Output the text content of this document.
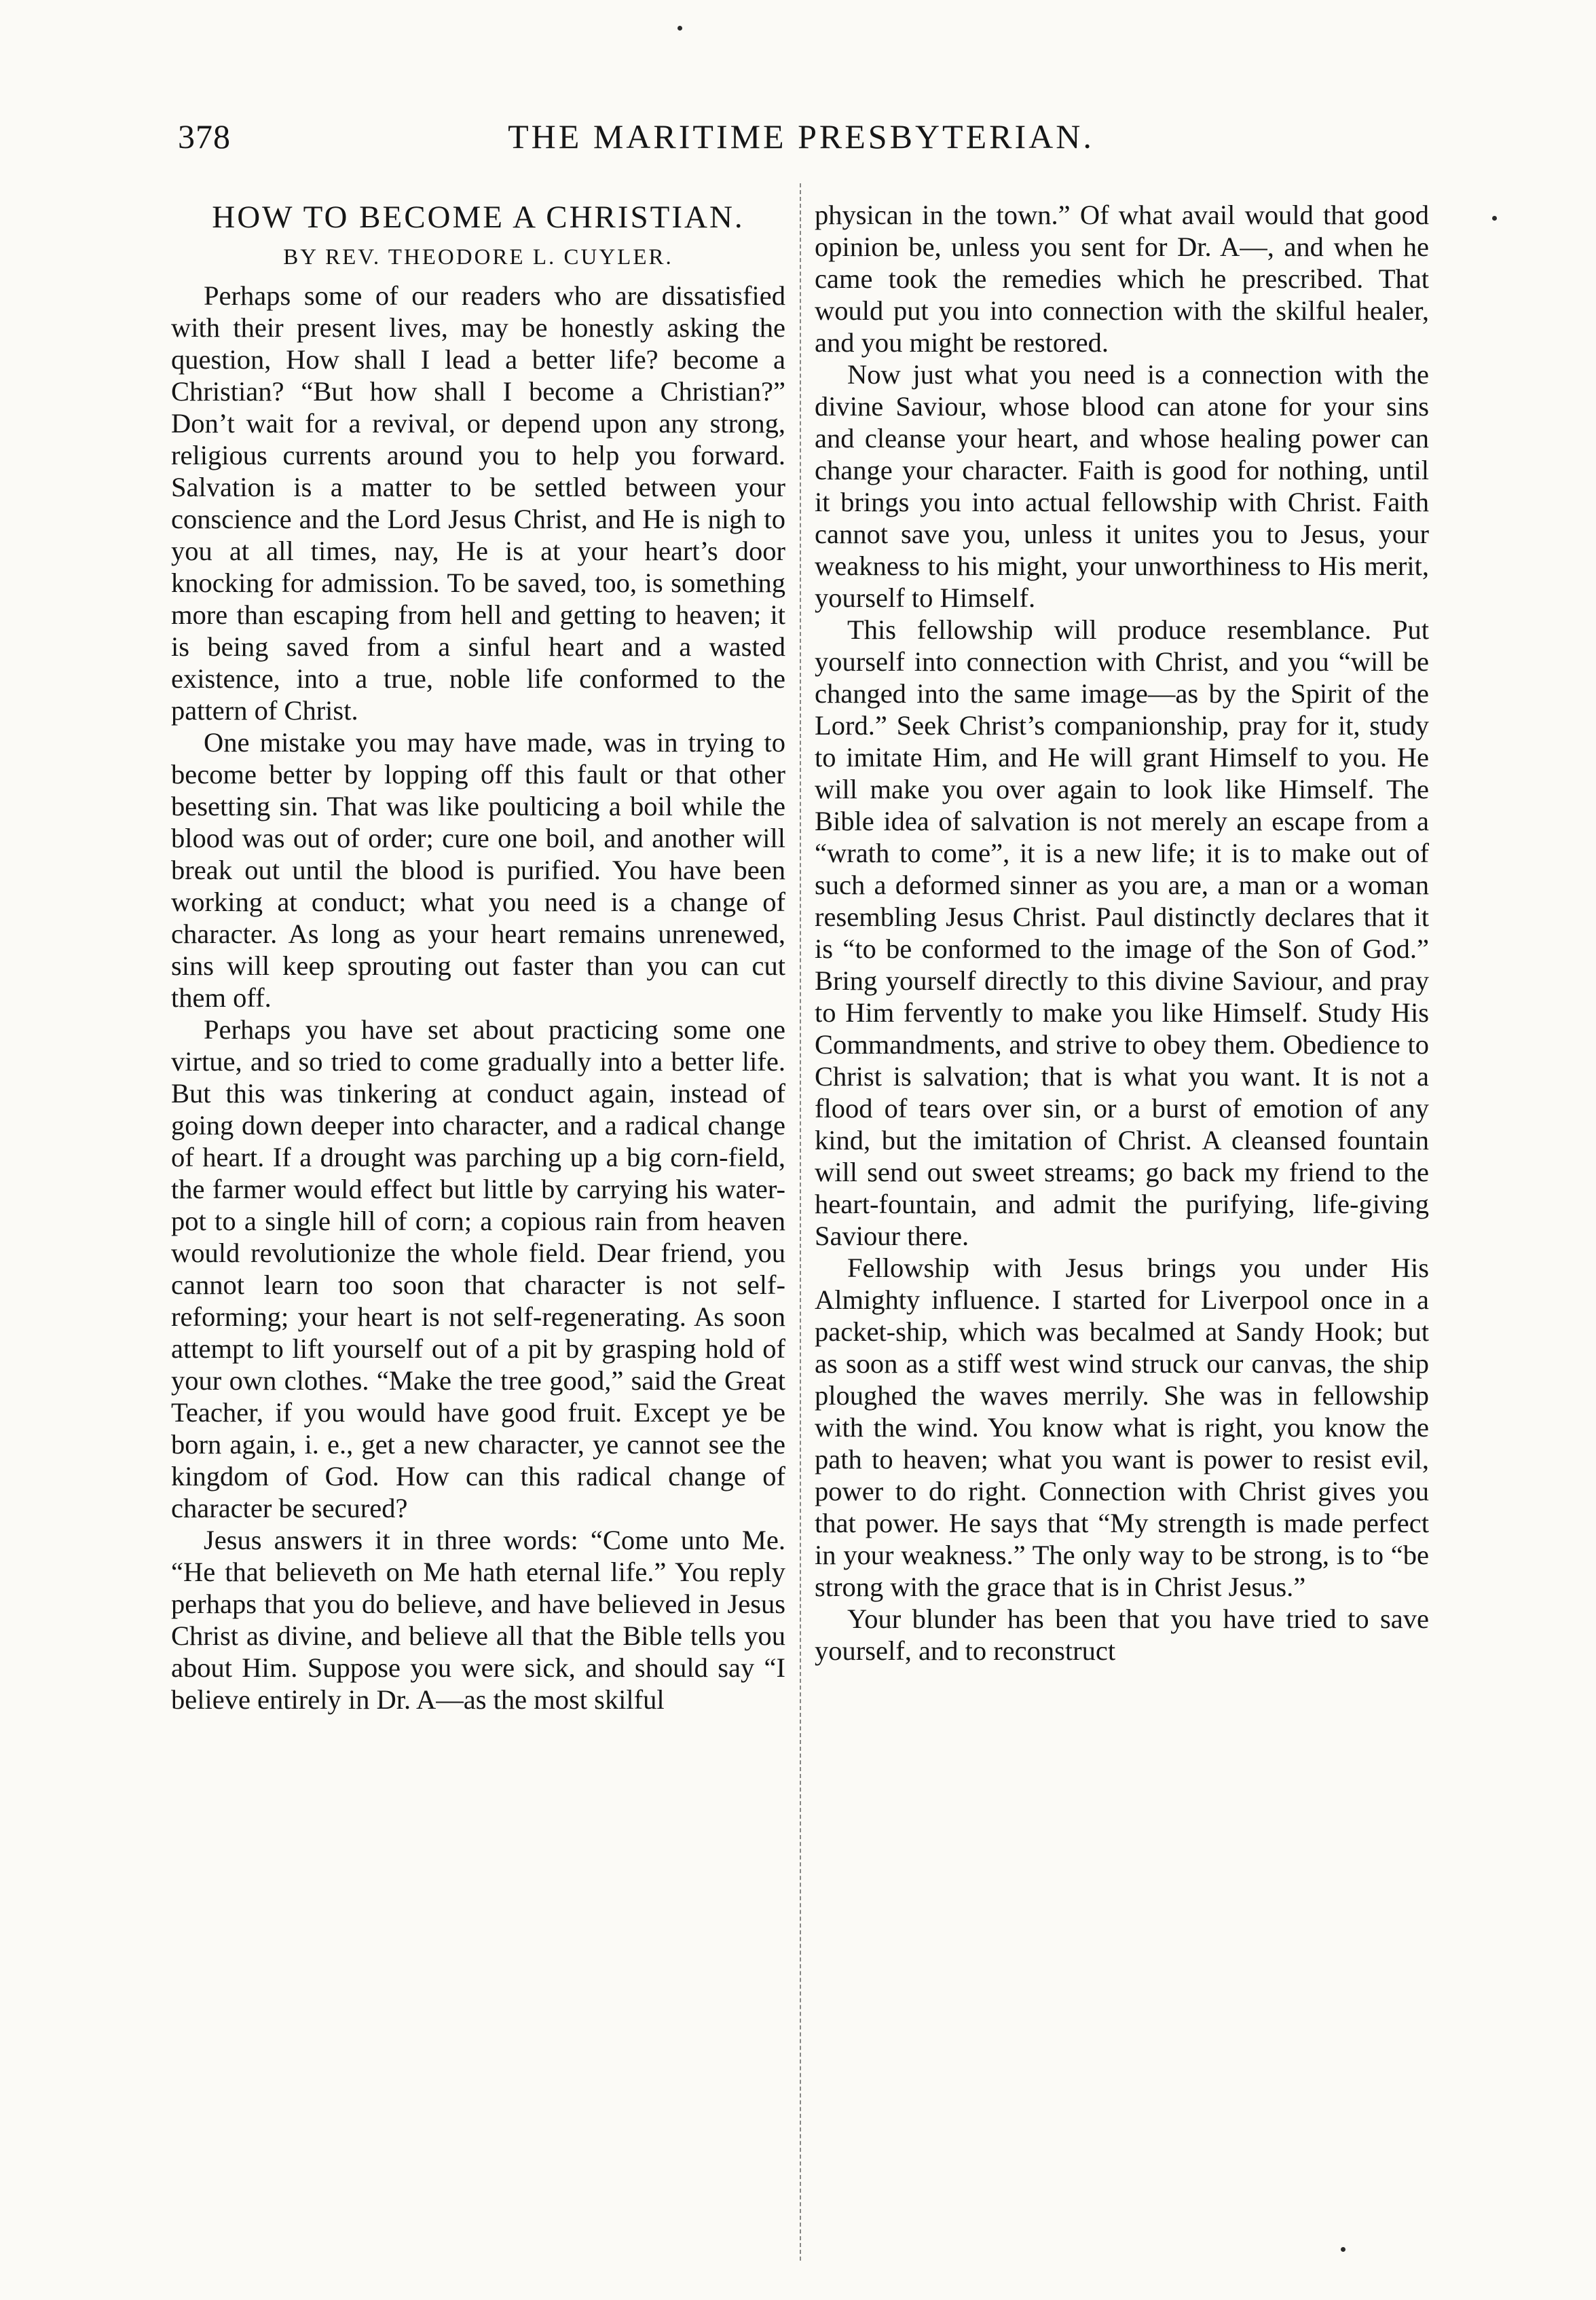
378	THE MARITIME PRESBYTERIAN.
HOW TO BECOME A CHRISTIAN.
BY REV. THEODORE L. CUYLER.

Perhaps some of our readers who are dissatisfied with their present lives, may be honestly asking the question, How shall I lead a better life? become a Christian? “But how shall I become a Christian?” Don’t wait for a revival, or depend upon any strong, religious currents around you to help you forward. Salvation is a matter to be settled between your conscience and the Lord Jesus Christ, and He is nigh to you at all times, nay, He is at your heart’s door knocking for admission. To be saved, too, is something more than escaping from hell and getting to heaven; it is being saved from a sinful heart and a wasted existence, into a true, noble life conformed to the pattern of Christ.

One mistake you may have made, was in trying to become better by lopping off this fault or that other besetting sin. That was like poulticing a boil while the blood was out of order; cure one boil, and another will break out until the blood is purified. You have been working at conduct; what you need is a change of character. As long as your heart remains unrenewed, sins will keep sprouting out faster than you can cut them off.

Perhaps you have set about practicing some one virtue, and so tried to come gradually into a better life. But this was tinkering at conduct again, instead of going down deeper into character, and a radical change of heart. If a drought was parching up a big corn-field, the farmer would effect but little by carrying his water-pot to a single hill of corn; a copious rain from heaven would revolutionize the whole field. Dear friend, you cannot learn too soon that character is not self-reforming; your heart is not self-regenerating. As soon attempt to lift yourself out of a pit by grasping hold of your own clothes. “Make the tree good,” said the Great Teacher, if you would have good fruit. Except ye be born again, i. e., get a new character, ye cannot see the kingdom of God. How can this radical change of character be secured?

Jesus answers it in three words: “Come unto Me. “He that believeth on Me hath eternal life.” You reply perhaps that you do believe, and have believed in Jesus Christ as divine, and believe all that the Bible tells you about Him. Suppose you were sick, and should say “I believe entirely in Dr. A—as the most skilful

physican in the town.” Of what avail would that good opinion be, unless you sent for Dr. A—, and when he came took the remedies which he prescribed. That would put you into connection with the skilful healer, and you might be restored.

Now just what you need is a connection with the divine Saviour, whose blood can atone for your sins and cleanse your heart, and whose healing power can change your character. Faith is good for nothing, until it brings you into actual fellowship with Christ. Faith cannot save you, unless it unites you to Jesus, your weakness to his might, your unworthiness to His merit, yourself to Himself.

This fellowship will produce resemblance. Put yourself into connection with Christ, and you “will be changed into the same image—as by the Spirit of the Lord.” Seek Christ’s companionship, pray for it, study to imitate Him, and He will grant Himself to you. He will make you over again to look like Himself. The Bible idea of salvation is not merely an escape from a “wrath to come”, it is a new life; it is to make out of such a deformed sinner as you are, a man or a woman resembling Jesus Christ. Paul distinctly declares that it is “to be conformed to the image of the Son of God.” Bring yourself directly to this divine Saviour, and pray to Him fervently to make you like Himself. Study His Commandments, and strive to obey them. Obedience to Christ is salvation; that is what you want. It is not a flood of tears over sin, or a burst of emotion of any kind, but the imitation of Christ. A cleansed fountain will send out sweet streams; go back my friend to the heart-fountain, and admit the purifying, life-giving Saviour there.

Fellowship with Jesus brings you under His Almighty influence. I started for Liverpool once in a packet-ship, which was becalmed at Sandy Hook; but as soon as a stiff west wind struck our canvas, the ship ploughed the waves merrily. She was in fellowship with the wind. You know what is right, you know the path to heaven; what you want is power to resist evil, power to do right. Connection with Christ gives you that power. He says that “My strength is made perfect in your weakness.” The only way to be strong, is to “be strong with the grace that is in Christ Jesus.”

Your blunder has been that you have tried to save yourself, and to reconstruct
